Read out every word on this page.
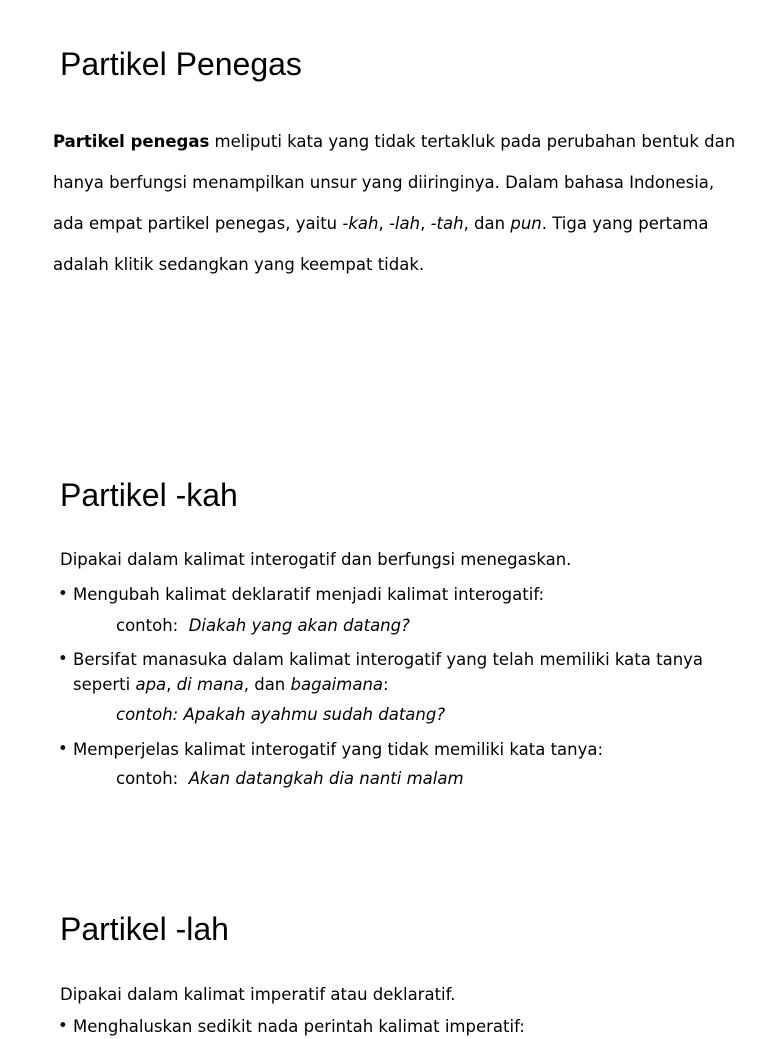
Partikel Penegas

Partikel penegas meliputi kata yang tidak tertakluk pada perubahan bentuk dan hanya berfungsi menampilkan unsur yang diiringinya. Dalam bahasa Indonesia, ada empat partikel penegas, yaitu -kah, -lah, -tah, dan pun. Tiga yang pertama adalah klitik sedangkan yang keempat tidak.

Partikel -kah

Dipakai dalam kalimat interogatif dan berfungsi menegaskan.

• Mengubah kalimat deklaratif menjadi kalimat interogatif:

contoh: Diakah yang akan datang?
• Bersifat manasuka dalam kalimat interogatif yang telah memiliki kata tanya seperti apa, di mana, dan bagaimana:

contoh: Apakah ayahmu sudah datang?
• Memperjelas kalimat interogatif yang tidak memiliki kata tanya:

contoh: Akan datangkah dia nanti malam
Partikel -lah

Dipakai dalam kalimat imperatif atau deklaratif.

• Menghaluskan sedikit nada perintah kalimat imperatif:
